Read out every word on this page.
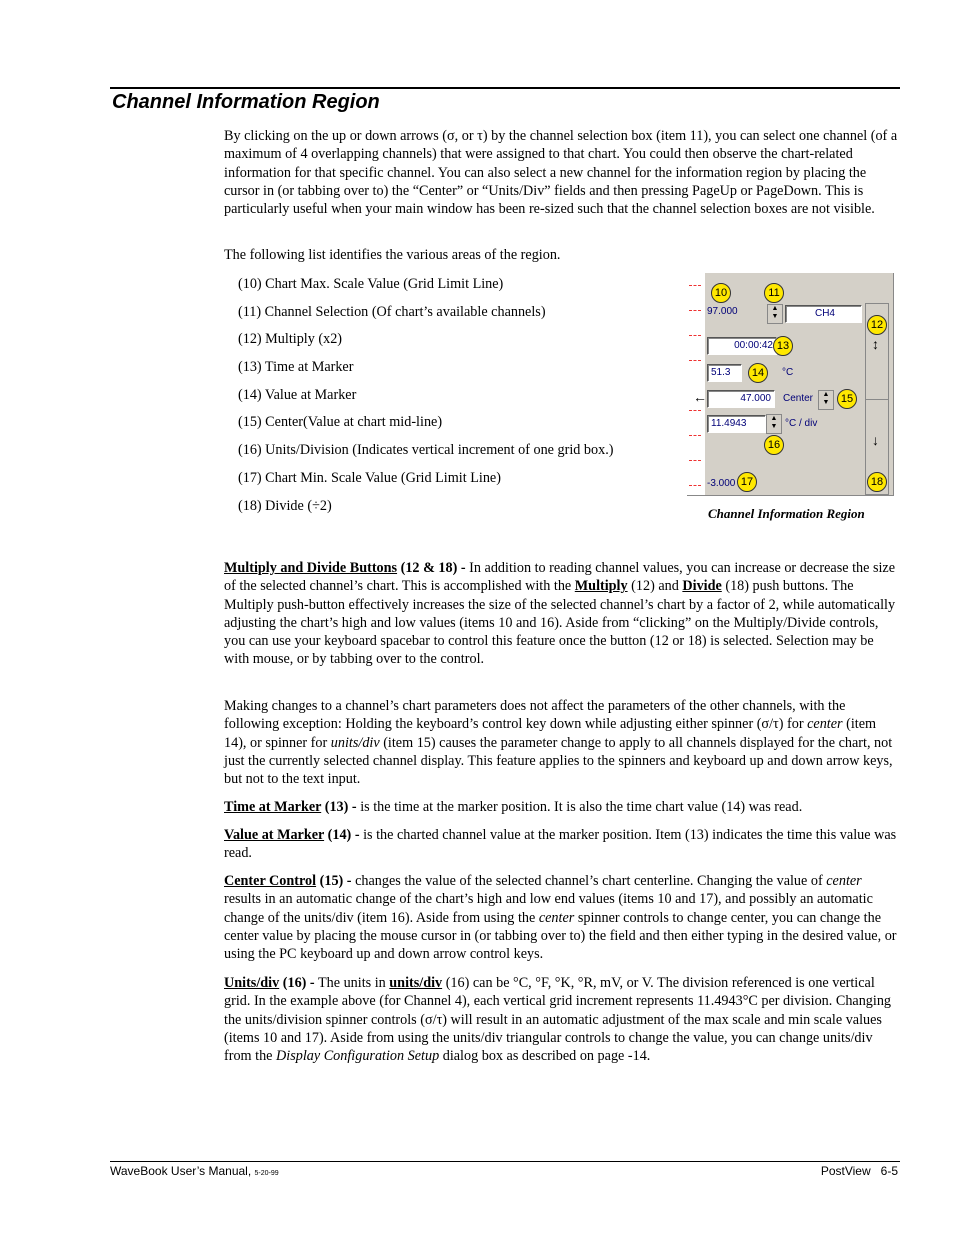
Channel Information Region

By clicking on the up or down arrows (σ, or τ) by the channel selection box (item 11), you can select one channel (of a maximum of 4 overlapping channels) that were assigned to that chart. You could then observe the chart-related information for that specific channel. You can also select a new channel for the information region by placing the cursor in (or tabbing over to) the “Center” or “Units/Div” fields and then pressing PageUp or PageDown. This is particularly useful when your main window has been re-sized such that the channel selection boxes are not visible.

The following list identifies the various areas of the region.
(10) Chart Max. Scale Value (Grid Limit Line)
(11) Channel Selection (Of chart’s available channels)
(12) Multiply (x2)
(13) Time at Marker
(14) Value at Marker
(15) Center(Value at chart mid-line)
(16) Units/Division (Indicates vertical increment of one grid box.)
(17) Chart Min. Scale Value (Grid Limit Line)
(18) Divide (÷2)
97.000	▲
▼	CH4
00:00:42
51.3	°C
←	47.000	Center	▲
▼
11.4943	▲
▼ °C / div
-3.000
↕
↓
10	11
12
13
14
15
16
17	18
Channel Information Region
Multiply and Divide Buttons (12 & 18) - In addition to reading channel values, you can increase or decrease the size of the selected channel’s chart. This is accomplished with the Multiply (12) and Divide (18) push buttons. The Multiply push-button effectively increases the size of the selected channel’s chart by a factor of 2, while automatically adjusting the chart’s high and low values (items 10 and 16). Aside from “clicking” on the Multiply/Divide controls, you can use your keyboard spacebar to control this feature once the button (12 or 18) is selected. Selection may be with mouse, or by tabbing over to the control.
Making changes to a channel’s chart parameters does not affect the parameters of the other channels, with the following exception: Holding the keyboard’s control key down while adjusting either spinner (σ/τ) for center (item 14), or spinner for units/div (item 15) causes the parameter change to apply to all channels displayed for the chart, not just the currently selected channel display. This feature applies to the spinners and keyboard up and down arrow keys, but not to the text input.
Time at Marker (13) - is the time at the marker position. It is also the time chart value (14) was read.
Value at Marker (14) - is the charted channel value at the marker position. Item (13) indicates the time this value was read.
Center Control (15) - changes the value of the selected channel’s chart centerline. Changing the value of center results in an automatic change of the chart’s high and low end values (items 10 and 17), and possibly an automatic change of the units/div (item 16). Aside from using the center spinner controls to change center, you can change the center value by placing the mouse cursor in (or tabbing over to) the field and then either typing in the desired value, or using the PC keyboard up and down arrow control keys.
Units/div (16) - The units in units/div (16) can be °C, °F, °K, °R, mV, or V. The division referenced is one vertical grid. In the example above (for Channel 4), each vertical grid increment represents 11.4943°C per division. Changing the units/division spinner controls (σ/τ) will result in an automatic adjustment of the max scale and min scale values (items 10 and 17). Aside from using the units/div triangular controls to change the value, you can change units/div from the Display Configuration Setup dialog box as described on page -14.
WaveBook User’s Manual, 5-20-99	PostView 6-5
